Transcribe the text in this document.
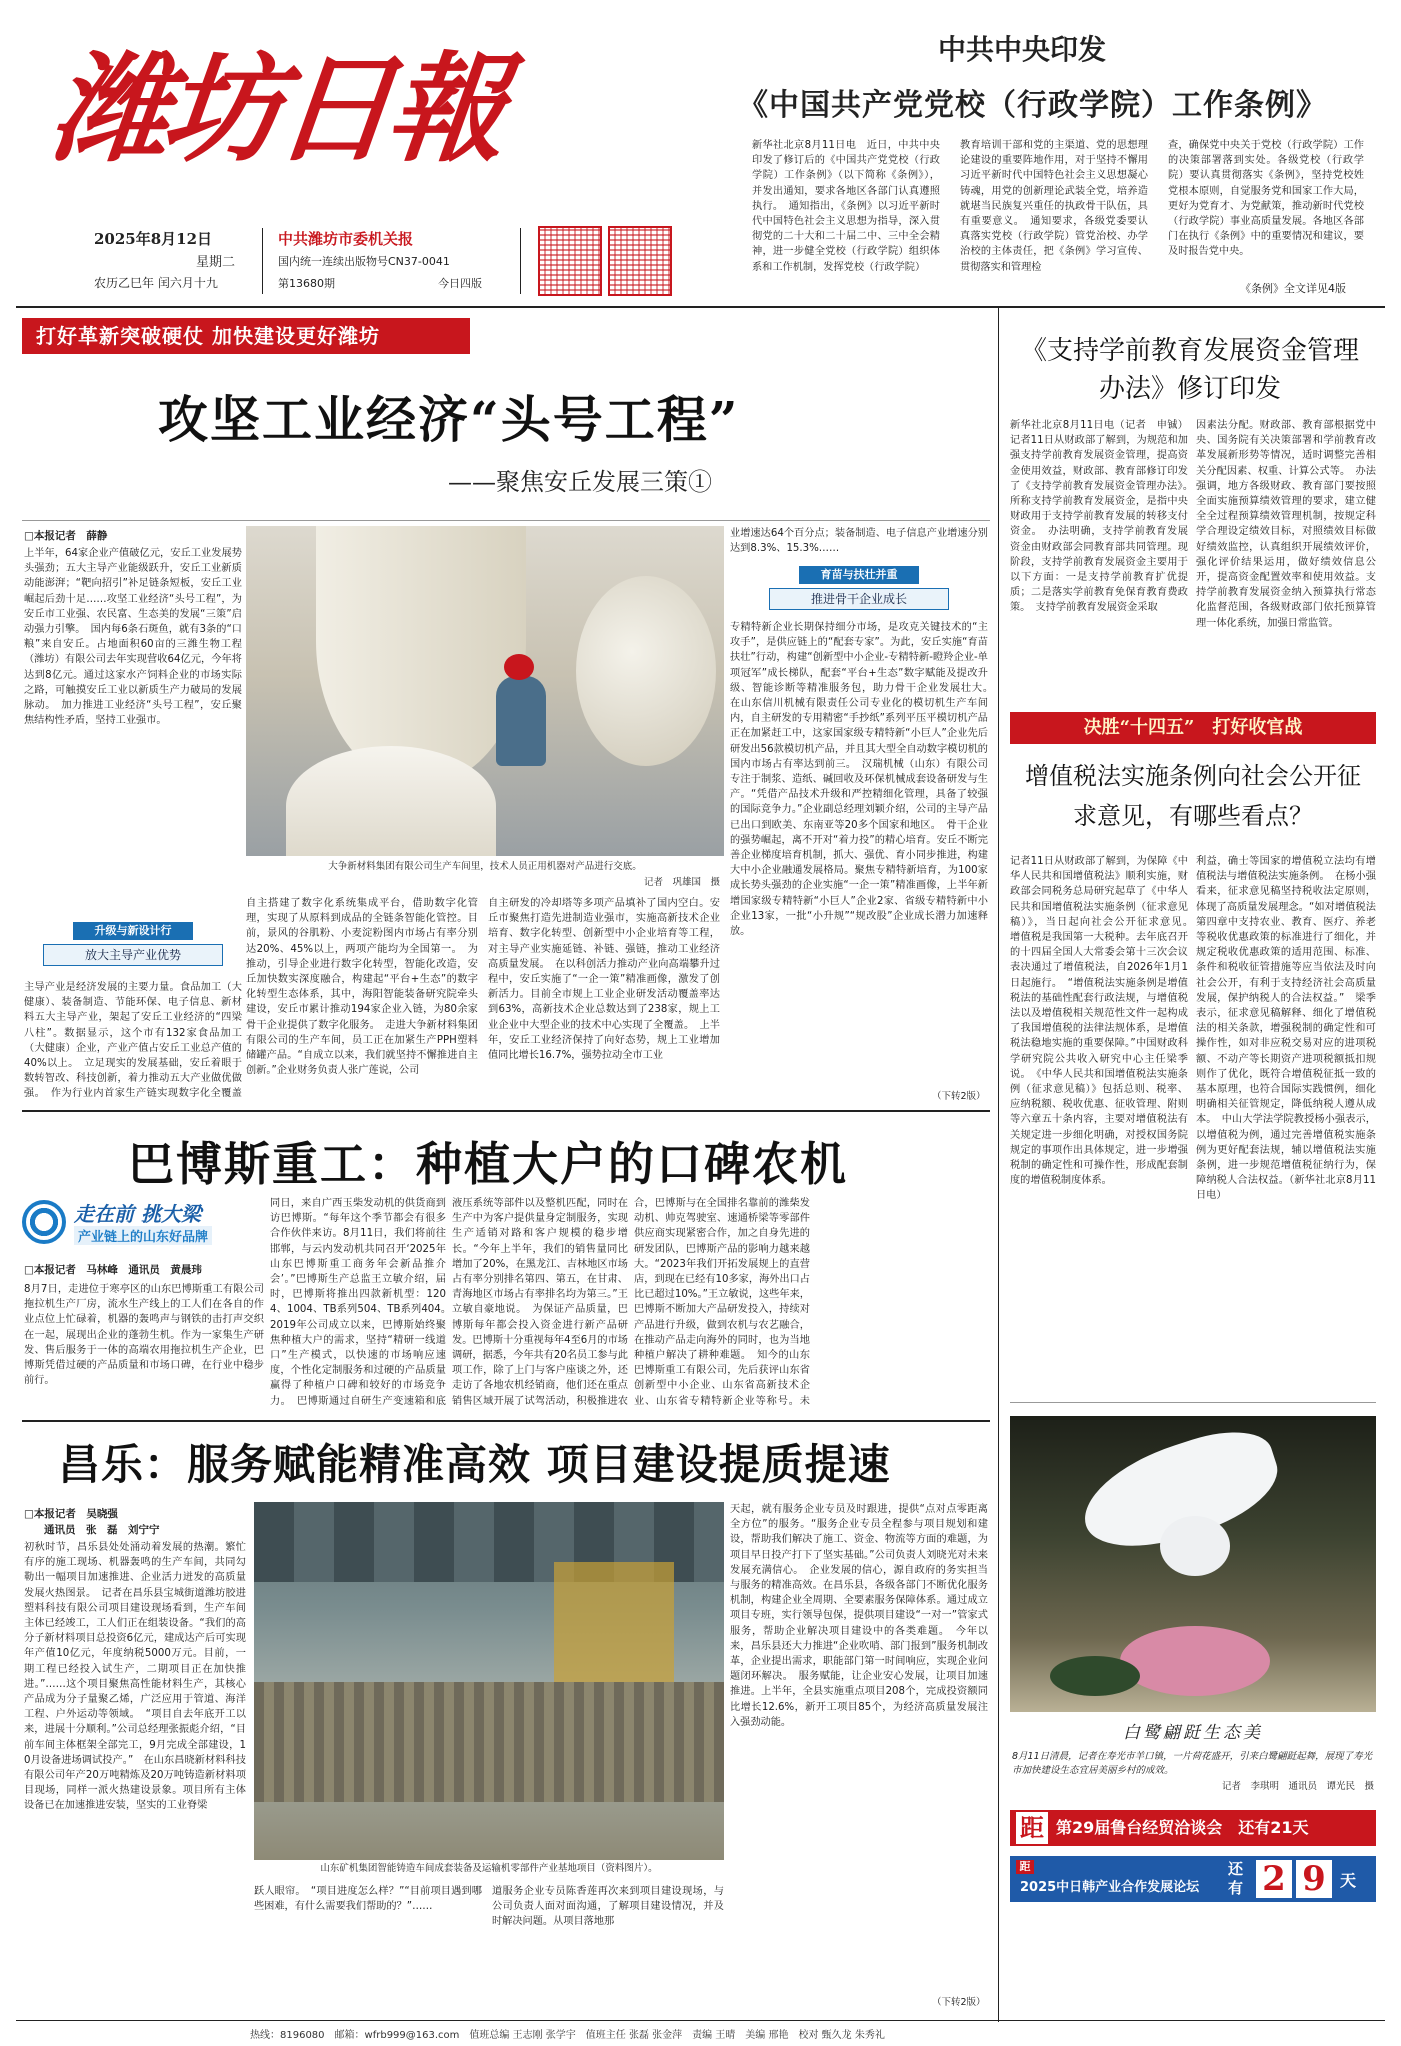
潍坊日報
2025年8月12日
星期二
农历乙巳年 闰六月十九
中共潍坊市委机关报
国内统一连续出版物号CN37-0041
第13680期	今日四版
中共中央印发
《中国共产党党校（行政学院）工作条例》
新华社北京8月11日电　近日，中共中央印发了修订后的《中国共产党党校（行政学院）工作条例》（以下简称《条例》），并发出通知，要求各地区各部门认真遵照执行。　通知指出，《条例》以习近平新时代中国特色社会主义思想为指导，深入贯彻党的二十大和二十届二中、三中全会精神，进一步健全党校（行政学院）组织体系和工作机制，发挥党校（行政学院）
教育培训干部和党的主渠道、党的思想理论建设的重要阵地作用，对于坚持不懈用习近平新时代中国特色社会主义思想凝心铸魂，用党的创新理论武装全党，培养造就堪当民族复兴重任的执政骨干队伍，具有重要意义。　通知要求，各级党委要认真落实党校（行政学院）管党治校、办学治校的主体责任，把《条例》学习宣传、贯彻落实和管理检
查，确保党中央关于党校（行政学院）工作的决策部署落到实处。各级党校（行政学院）要认真贯彻落实《条例》，坚持党校姓党根本原则，自觉服务党和国家工作大局，更好为党育才、为党献策，推动新时代党校（行政学院）事业高质量发展。各地区各部门在执行《条例》中的重要情况和建议，要及时报告党中央。
《条例》全文详见4版
打好革新突破硬仗 加快建设更好潍坊
攻坚工业经济“头号工程”
——聚焦安丘发展三策①
□本报记者　薛静
上半年，64家企业产值破亿元，安丘工业发展势头强劲；五大主导产业能级跃升，安丘工业新质动能澎湃；“靶向招引”补足链条短板，安丘工业崛起后劲十足……攻坚工业经济“头号工程”，为安丘市工业强、农民富、生态美的发展“三策”启动强力引擎。　国内每6条石斑鱼，就有3条的“口粮”来自安丘。占地面积60亩的三潍生物工程（潍坊）有限公司去年实现营收64亿元，今年将达到8亿元。通过这家水产饲料企业的市场实际之路，可触摸安丘工业以新质生产力破局的发展脉动。　加力推进工业经济“头号工程”，安丘聚焦结构性矛盾，坚持工业强市。
升级与新设计行
放大主导产业优势
主导产业是经济发展的主要力量。食品加工（大健康）、装备制造、节能环保、电子信息、新材料五大主导产业，架起了安丘工业经济的“四梁八柱”。数据显示，这个市有132家食品加工（大健康）企业，产业产值占安丘工业总产值的40%以上。　立足现实的发展基础，安丘着眼于数转智改、科技创新，着力推动五大产业做优做强。　作为行业内首家生产链实现数字化全覆盖
大争新材料集团有限公司生产车间里，技术人员正用机器对产品进行交底。
记者　巩雄国　摄
自主搭建了数字化系统集成平台，借助数字化管理，实现了从原料到成品的全链条智能化管控。目前，景风的谷肌粉、小麦淀粉图内市场占有率分别达20%、45%以上，两项产能均为全国第一。　为推动，引导企业进行数字化转型，智能化改造，安丘加快数实深度融合，构建起“平台+生态”的数字化转型生态体系，其中，海阳智能装备研究院牵头建设，安丘市累计推动194家企业入链，为80余家骨干企业提供了数字化服务。　走进大争新材料集团有限公司的生产车间，员工正在加紧生产PPH塑料储罐产品。“自成立以来，我们就坚持不懈推进自主创新。”企业财务负责人张广莲说，公司
自主研发的冷却塔等多项产品填补了国内空白。安丘市聚焦打造先进制造业强市，实施高新技术企业培育、数字化转型、创新型中小企业培育等工程，对主导产业实施延链、补链、强链，推动工业经济高质量发展。　在以科创活力推动产业向高端攀升过程中，安丘实施了“一企一策”精准画像，激发了创新活力。目前全市规上工业企业研发活动覆盖率达到63%，高新技术企业总数达到了238家，规上工业企业中大型企业的技术中心实现了全覆盖。　上半年，安丘工业经济保持了向好态势，规上工业增加值同比增长16.7%，强势拉动全市工业
业增速达64个百分点；装备制造、电子信息产业增速分别达到8.3%、15.3%……
育苗与扶壮并重
推进骨干企业成长
专精特新企业长期保持细分市场，是攻克关键技术的“主攻手”，是供应链上的“配套专家”。为此，安丘实施“育苗扶壮”行动，构建“创新型中小企业-专精特新-瞪羚企业-单项冠军”成长梯队，配套“平台+生态”数字赋能及提改升级、智能诊断等精准服务包，助力骨干企业发展壮大。　在山东信川机械有限责任公司专业化的模切机生产车间内，自主研发的专用精密“手抄纸”系列平压平模切机产品正在加紧赶工中，这家国家级专精特新“小巨人”企业先后研发出56款模切机产品，并且其大型全自动数字模切机的国内市场占有率达到前三。　汉瑞机械（山东）有限公司专注于制浆、造纸、碱回收及环保机械成套设备研发与生产。“凭借产品技术升级和严控精细化管理，具备了较强的国际竞争力。”企业副总经理刘颖介绍，公司的主导产品已出口到欧美、东南亚等20多个国家和地区。　骨干企业的强势崛起，离不开对“着力投”的精心培育。安丘不断完善企业梯度培育机制，抓大、强优、育小同步推进，构建大中小企业融通发展格局。聚焦专精特新培育，为100家成长势头强劲的企业实施“一企一策”精准画像，上半年新增国家级专精特新“小巨人”企业2家、省级专精特新中小企业13家，一批“小升规”“规改股”企业成长潜力加速释放。
（下转2版）
巴博斯重工：种植大户的口碑农机
走在前 挑大梁
产业链上的山东好品牌
□本报记者　马林峰　通讯员　黄晨玮
8月7日，走进位于寒亭区的山东巴博斯重工有限公司拖拉机生产厂房，流水生产线上的工人们在各自的作业点位上忙碌着，机器的轰鸣声与钢铁的击打声交织在一起，展现出企业的蓬勃生机。作为一家集生产研发、售后服务于一体的高端农用拖拉机生产企业，巴博斯凭借过硬的产品质量和市场口碑，在行业中稳步前行。
同日，来自广西玉柴发动机的供货商到访巴博斯。“每年这个季节都会有很多合作伙伴来访。8月11日，我们将前往邯郸，与云内发动机共同召开‘2025年山东巴博斯重工商务年会新品推介会’。”巴博斯生产总监王立敏介绍，届时，巴博斯将推出四款新机型：1204、1004、TB系列504、TB系列404。　2019年公司成立以来，巴博斯始终聚焦种植大户的需求，坚持“精研一线道口”生产模式，以快速的市场响应速度，个性化定制服务和过硬的产品质量赢得了种植户口碑和较好的市场竞争力。　巴博斯通过自研生产变速箱和底
液压系统等部件以及整机匹配，同时在生产中为客户提供量身定制服务，实现生产适销对路和客户规模的稳步增长。“今年上半年，我们的销售量同比增加了20%，在黑龙江、吉林地区市场占有率分别排名第四、第五，在甘肃、青海地区市场占有率排名均为第三。”王立敏自豪地说。　为保证产品质量，巴博斯每年都会投入资金进行新产品研发。巴博斯十分重视每年4至6月的市场调研，据悉，今年共有20名员工参与此项工作，除了上门与客户座谈之外，还走访了各地农机经销商，他们还在重点销售区域开展了试驾活动，积极推进农　
合，巴博斯与在全国排名靠前的潍柴发动机、帅克驾驶室、速通桥梁等零部件供应商实现紧密合作，加之自身先进的研发团队，巴博斯产品的影响力越来越大。“2023年我们开拓发展规上的直营店，到现在已经有10多家，海外出口占比已超过10%。”王立敏说，这些年来，巴博斯不断加大产品研发投入，持续对产品进行升级，做到农机与农艺融合，在推动产品走向海外的同时，也为当地种植户解决了耕种难题。　知今的山东巴博斯重工有限公司，先后获评山东省创新型中小企业、山东省高新技术企业、山东省专精特新企业等称号。未
昌乐：服务赋能精准高效 项目建设提质提速
□本报记者　吴晓强
通讯员　张　磊　刘宁宁
初秋时节，昌乐县处处涌动着发展的热潮。繁忙有序的施工现场、机器轰鸣的生产车间，共同勾勒出一幅项目加速推进、企业活力迸发的高质量发展火热图景。　记者在昌乐县宝城街道潍坊胶进塑料科技有限公司项目建设现场看到，生产车间主体已经竣工，工人们正在组装设备。“我们的高分子新材料项目总投资6亿元，建成达产后可实现年产值10亿元，年度纳税5000万元。目前，一期工程已经投入试生产，二期项目正在加快推进。”……这个项目聚焦高性能材料生产，其核心产品成为分子量聚乙烯，广泛应用于管道、海洋工程、户外运动等领域。　“项目自去年底开工以来，进展十分顺利。”公司总经理张振彪介绍，“目前车间主体框架全部完工，9月完成全部建设，10月设备进场调试投产。”　在山东昌晓新材料科技有限公司年产20万吨精炼及20万吨铸造新材料项目现场，同样一派火热建设景象。项目所有主体设备已在加速推进安装，坚实的工业脊梁
山东矿机集团智能铸造车间成套装备及运输机零部件产业基地项目（资料图片）。
跃人眼帘。　“项目进度怎么样？”“目前项目遇到哪些困难，有什么需要我们帮助的？”……
道服务企业专员陈香莲再次来到项目建设现场，与公司负责人面对面沟通，了解项目建设情况，并及时解决问题。从项目落地那
天起，就有服务企业专员及时跟进，提供“点对点零距离全方位”的服务。“服务企业专员全程参与项目规划和建设，帮助我们解决了施工、资金、物流等方面的难题，为项目早日投产打下了坚实基础。”公司负责人刘晓光对未来发展充满信心。　企业发展的信心，源自政府的务实担当与服务的精准高效。在昌乐县，各级各部门不断优化服务机制，构建企业全周期、全要素服务保障体系。通过成立项目专班，实行领导包保，提供项目建设“一对一”管家式服务，帮助企业解决项目建设中的各类难题。　今年以来，昌乐县还大力推进“企业吹哨、部门报到”服务机制改革，企业提出需求，职能部门第一时间响应，实现企业问题闭环解决。　服务赋能，让企业安心发展，让项目加速推进。上半年，全县实施重点项目208个，完成投资额同比增长12.6%，新开工项目85个，为经济高质量发展注入强劲动能。
（下转2版）
《支持学前教育发展资金管理办法》修订印发
新华社北京8月11日电（记者　申铖）记者11日从财政部了解到，为规范和加强支持学前教育发展资金管理，提高资金使用效益，财政部、教育部修订印发了《支持学前教育发展资金管理办法》。　所称支持学前教育发展资金，是指中央财政用于支持学前教育发展的转移支付资金。　办法明确，支持学前教育发展资金由财政部会同教育部共同管理。现阶段，支持学前教育发展资金主要用于以下方面：一是支持学前教育扩优提质；二是落实学前教育免保育教育费政策。　支持学前教育发展资金采取
因素法分配。财政部、教育部根据党中央、国务院有关决策部署和学前教育改革发展新形势等情况，适时调整完善相关分配因素、权重、计算公式等。　办法强调，地方各级财政、教育部门要按照全面实施预算绩效管理的要求，建立健全全过程预算绩效管理机制，按规定科学合理设定绩效目标，对照绩效目标做好绩效监控，认真组织开展绩效评价，强化评价结果运用，做好绩效信息公开，提高资金配置效率和使用效益。支持学前教育发展资金纳入预算执行常态化监督范围，各级财政部门依托预算管理一体化系统，加强日常监管。
决胜“十四五”　打好收官战
增值税法实施条例向社会公开征求意见，有哪些看点？
记者11日从财政部了解到，为保障《中华人民共和国增值税法》顺利实施，财政部会同税务总局研究起草了《中华人民共和国增值税法实施条例（征求意见稿）》，当日起向社会公开征求意见。　增值税是我国第一大税种。去年底召开的十四届全国人大常委会第十三次会议表决通过了增值税法，自2026年1月1日起施行。　“增值税法实施条例是增值税法的基础性配套行政法规，与增值税法以及增值税相关规范性文件一起构成了我国增值税的法律法规体系，是增值税法稳地实施的重要保障。”中国财政科学研究院公共收入研究中心主任梁季说。　《中华人民共和国增值税法实施条例（征求意见稿）》包括总则、税率、应纳税额、税收优惠、征收管理、附则等六章五十条内容，主要对增值税法有关规定进一步细化明确，对授权国务院规定的事项作出具体规定，进一步增强税制的确定性和可操作性，形成配套制度的增值税制度体系。
利益，确士等国家的增值税立法均有增值税法与增值税法实施条例。　在杨小强看来，征求意见稿坚持税收法定原则，体现了高质量发展理念。“如对增值税法第四章中支持农业、教育、医疗、养老等税收优惠政策的标准进行了细化，并规定税收优惠政策的适用范围、标准、条件和税收征管措施等应当依法及时向社会公开，有利于支持经济社会高质量发展，保护纳税人的合法权益。”　梁季表示，征求意见稿解释、细化了增值税法的相关条款，增强税制的确定性和可操作性，如对非应税交易对应的进项税额、不动产等长期资产进项税额抵扣规则作了优化，既符合增值税征抵一致的基本原理，也符合国际实践惯例，细化明确相关征管规定，降低纳税人遵从成本。　中山大学法学院教授杨小强表示，以增值税为例，通过完善增值税实施条例为更好配套法规，辅以增值税法实施条例，进一步规范增值税征纳行为，保障纳税人合法权益。（新华社北京8月11日电）
白鹭翩跹生态美
8月11日清晨，记者在寿光市羊口镇，一片荷花盛开，引来白鹭翩跹起舞，展现了寿光市加快建设生态宜居美丽乡村的成效。
记者　李琪明　通讯员　谭光民　摄
距 第29届鲁台经贸洽谈会　还有21天
距
2025中日韩产业合作发展论坛
还有 2 9 天
热线：8196080　邮箱：wfrb999@163.com　值班总编 王志刚 张学宇　值班主任 张磊 张金萍　责编 王晴　美编 邢艳　校对 甄久龙 朱秀礼
